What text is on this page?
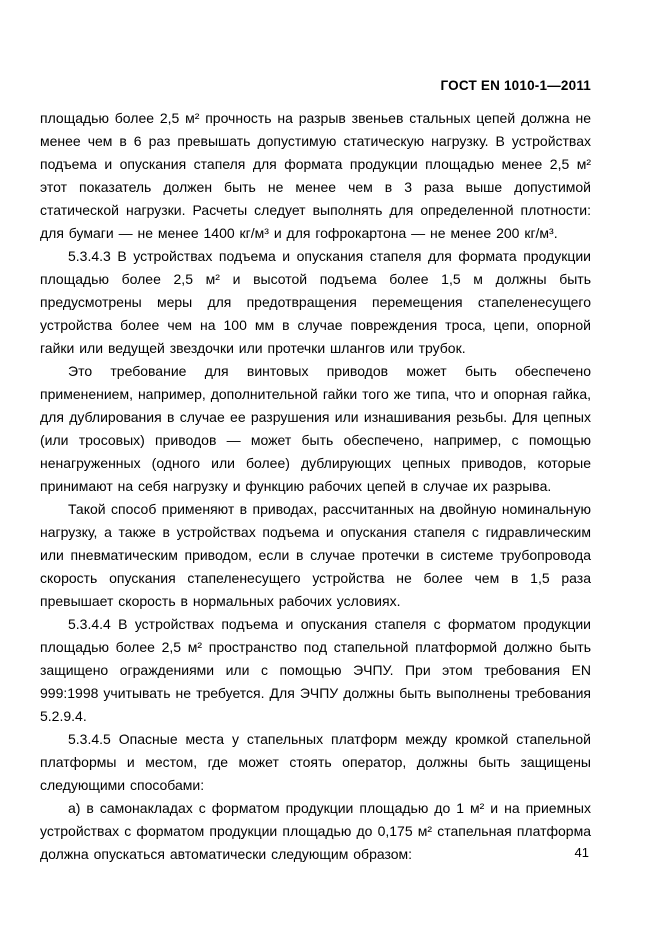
ГОСТ EN 1010-1—2011

площадью более 2,5 м² прочность на разрыв звеньев стальных цепей должна не менее чем в 6 раз превышать допустимую статическую нагрузку. В устройствах подъема и опускания стапеля для формата продукции площадью менее 2,5 м² этот показатель должен быть не менее чем в 3 раза выше допустимой статической нагрузки. Расчеты следует выполнять для определенной плотности: для бумаги — не менее 1400 кг/м³ и для гофрокартона — не менее 200 кг/м³.

5.3.4.3 В устройствах подъема и опускания стапеля для формата продукции площадью более 2,5 м² и высотой подъема более 1,5 м должны быть предусмотрены меры для предотвращения перемещения стапеленесущего устройства более чем на 100 мм в случае повреждения троса, цепи, опорной гайки или ведущей звездочки или протечки шлангов или трубок.

Это требование для винтовых приводов может быть обеспечено применением, например, дополнительной гайки того же типа, что и опорная гайка, для дублирования в случае ее разрушения или изнашивания резьбы. Для цепных (или тросовых) приводов — может быть обеспечено, например, с помощью ненагруженных (одного или более) дублирующих цепных приводов, которые принимают на себя нагрузку и функцию рабочих цепей в случае их разрыва.

Такой способ применяют в приводах, рассчитанных на двойную номинальную нагрузку, а также в устройствах подъема и опускания стапеля с гидравлическим или пневматическим приводом, если в случае протечки в системе трубопровода скорость опускания стапеленесущего устройства не более чем в 1,5 раза превышает скорость в нормальных рабочих условиях.

5.3.4.4 В устройствах подъема и опускания стапеля с форматом продукции площадью более 2,5 м² пространство под стапельной платформой должно быть защищено ограждениями или с помощью ЭЧПУ. При этом требования EN 999:1998 учитывать не требуется. Для ЭЧПУ должны быть выполнены требования 5.2.9.4.

5.3.4.5 Опасные места у стапельных платформ между кромкой стапельной платформы и местом, где может стоять оператор, должны быть защищены следующими способами:

а) в самонакладах с форматом продукции площадью до 1 м² и на приемных устройствах с форматом продукции площадью до 0,175 м² стапельная платформа должна опускаться автоматически следующим образом:	41
